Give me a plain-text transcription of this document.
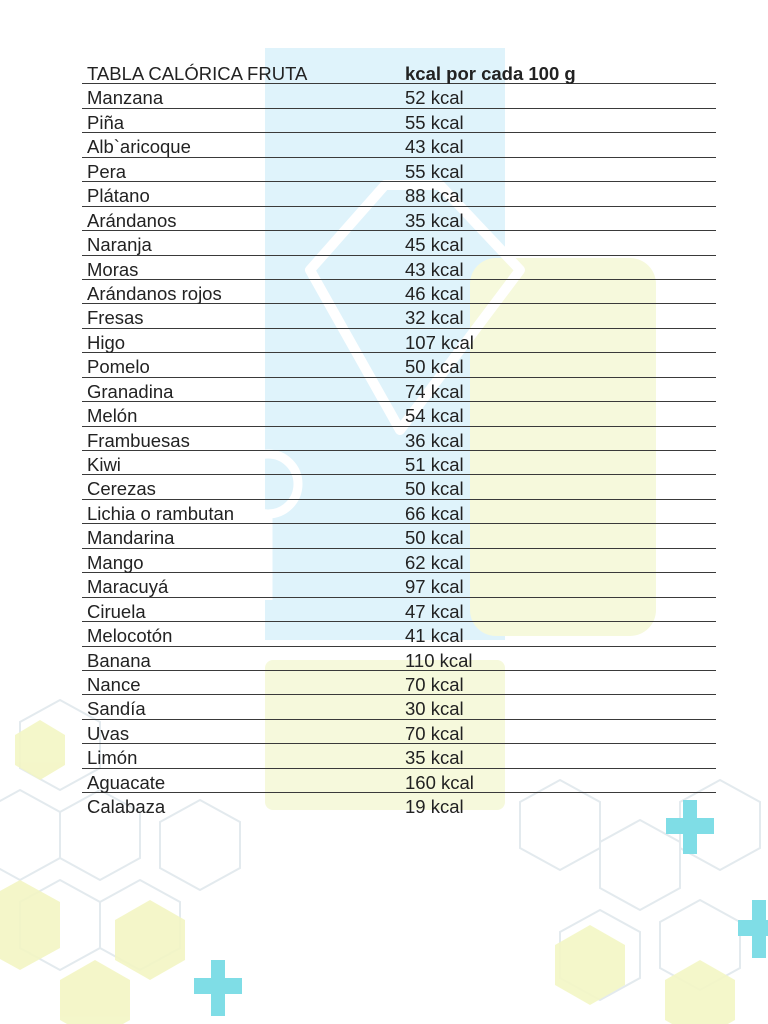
TABLA CALÓRICA FRUTA	kcal por cada 100 g
Manzana	52 kcal
Piña	55 kcal
Alb`aricoque	43 kcal
Pera	55 kcal
Plátano	88 kcal
Arándanos	35 kcal
Naranja	45 kcal
Moras	43 kcal
Arándanos rojos	46 kcal
Fresas	32 kcal
Higo	107 kcal
Pomelo	50 kcal
Granadina	74 kcal
Melón	54 kcal
Frambuesas	36 kcal
Kiwi	51 kcal
Cerezas	50 kcal
Lichia o rambutan	66 kcal
Mandarina	50 kcal
Mango	62 kcal
Maracuyá	97 kcal
Ciruela	47 kcal
Melocotón	41 kcal
Banana	110 kcal
Nance	70 kcal
Sandía	30 kcal
Uvas	70 kcal
Limón	35 kcal
Aguacate	160 kcal
Calabaza	19 kcal
